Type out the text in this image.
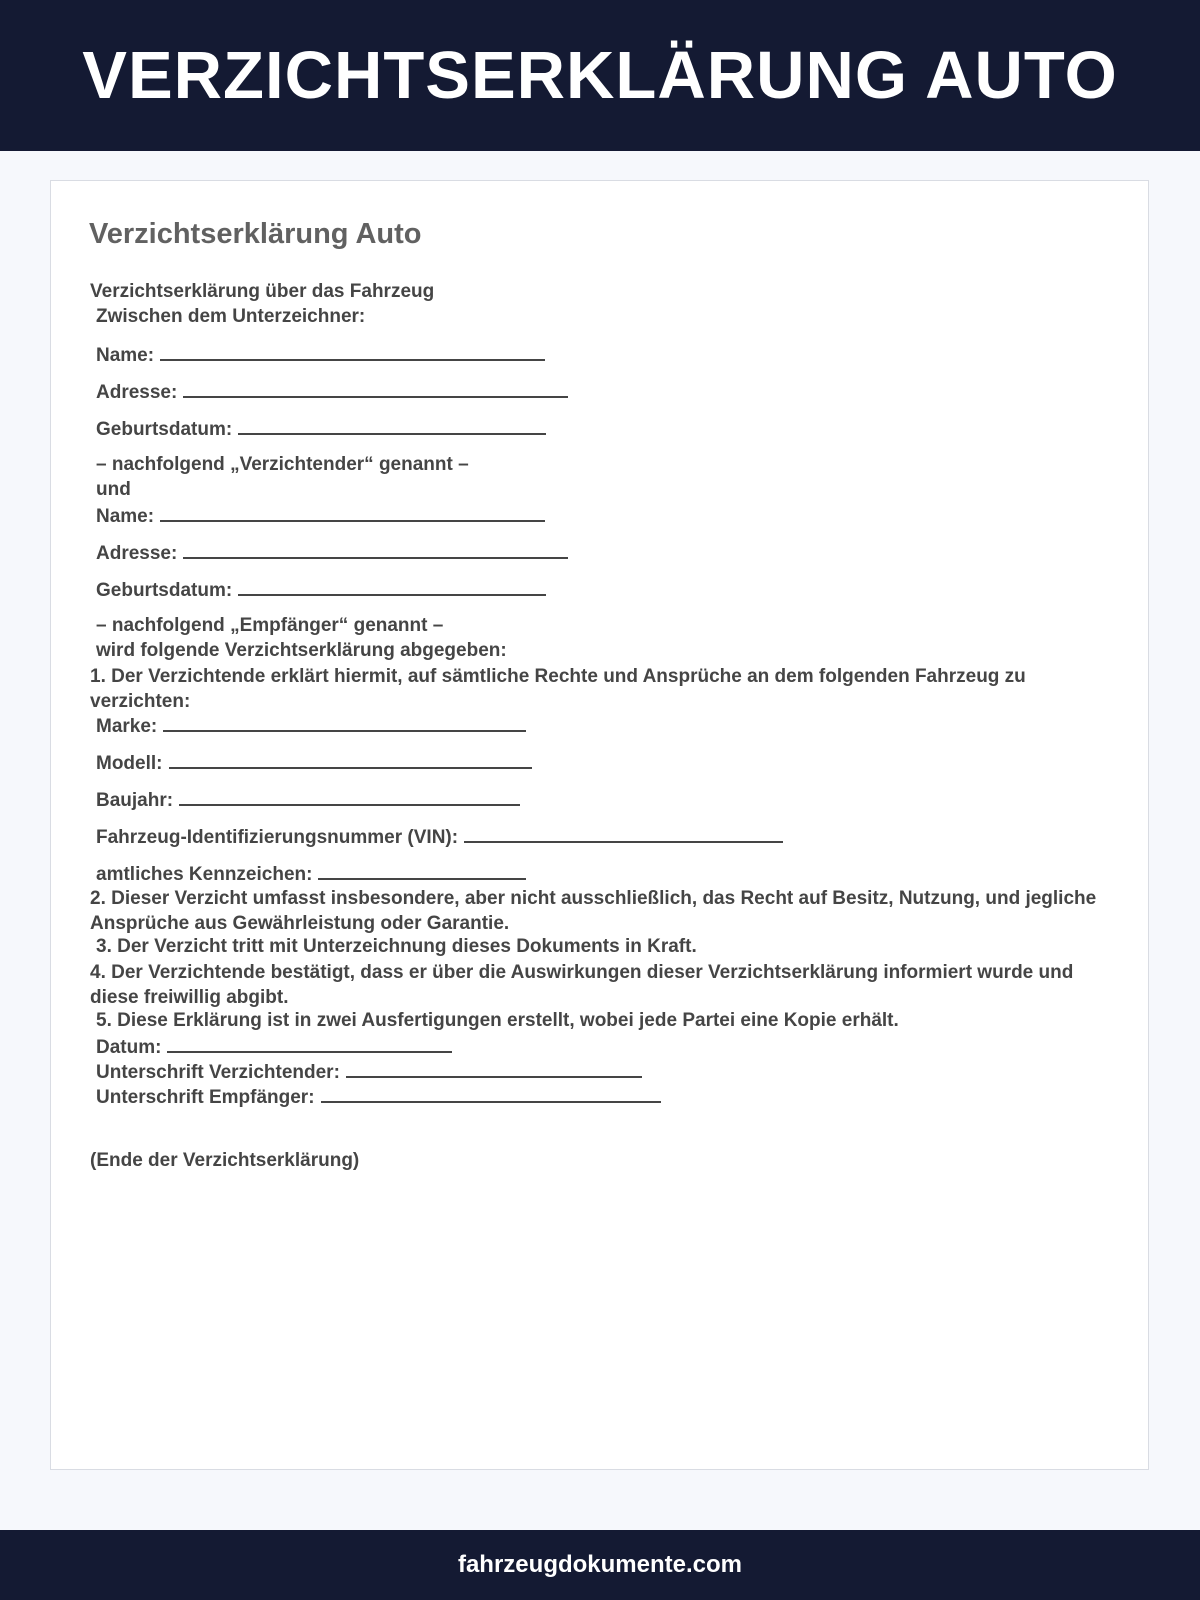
VERZICHTSERKLÄRUNG AUTO
Verzichtserklärung Auto

Verzichtserklärung über das Fahrzeug

Zwischen dem Unterzeichner:

Name:

Adresse:

Geburtsdatum:

– nachfolgend „Verzichtender“ genannt –

und

Name:

Adresse:

Geburtsdatum:

– nachfolgend „Empfänger“ genannt –

wird folgende Verzichtserklärung abgegeben:

1. Der Verzichtende erklärt hiermit, auf sämtliche Rechte und Ansprüche an dem folgenden Fahrzeug zu verzichten:

Marke:

Modell:

Baujahr:

Fahrzeug-Identifizierungsnummer (VIN):

amtliches Kennzeichen:

2. Dieser Verzicht umfasst insbesondere, aber nicht ausschließlich, das Recht auf Besitz, Nutzung, und jegliche Ansprüche aus Gewährleistung oder Garantie.

3. Der Verzicht tritt mit Unterzeichnung dieses Dokuments in Kraft.

4. Der Verzichtende bestätigt, dass er über die Auswirkungen dieser Verzichtserklärung informiert wurde und diese freiwillig abgibt.

5. Diese Erklärung ist in zwei Ausfertigungen erstellt, wobei jede Partei eine Kopie erhält.

Datum:

Unterschrift Verzichtender:

Unterschrift Empfänger:

(Ende der Verzichtserklärung)

fahrzeugdokumente.com
